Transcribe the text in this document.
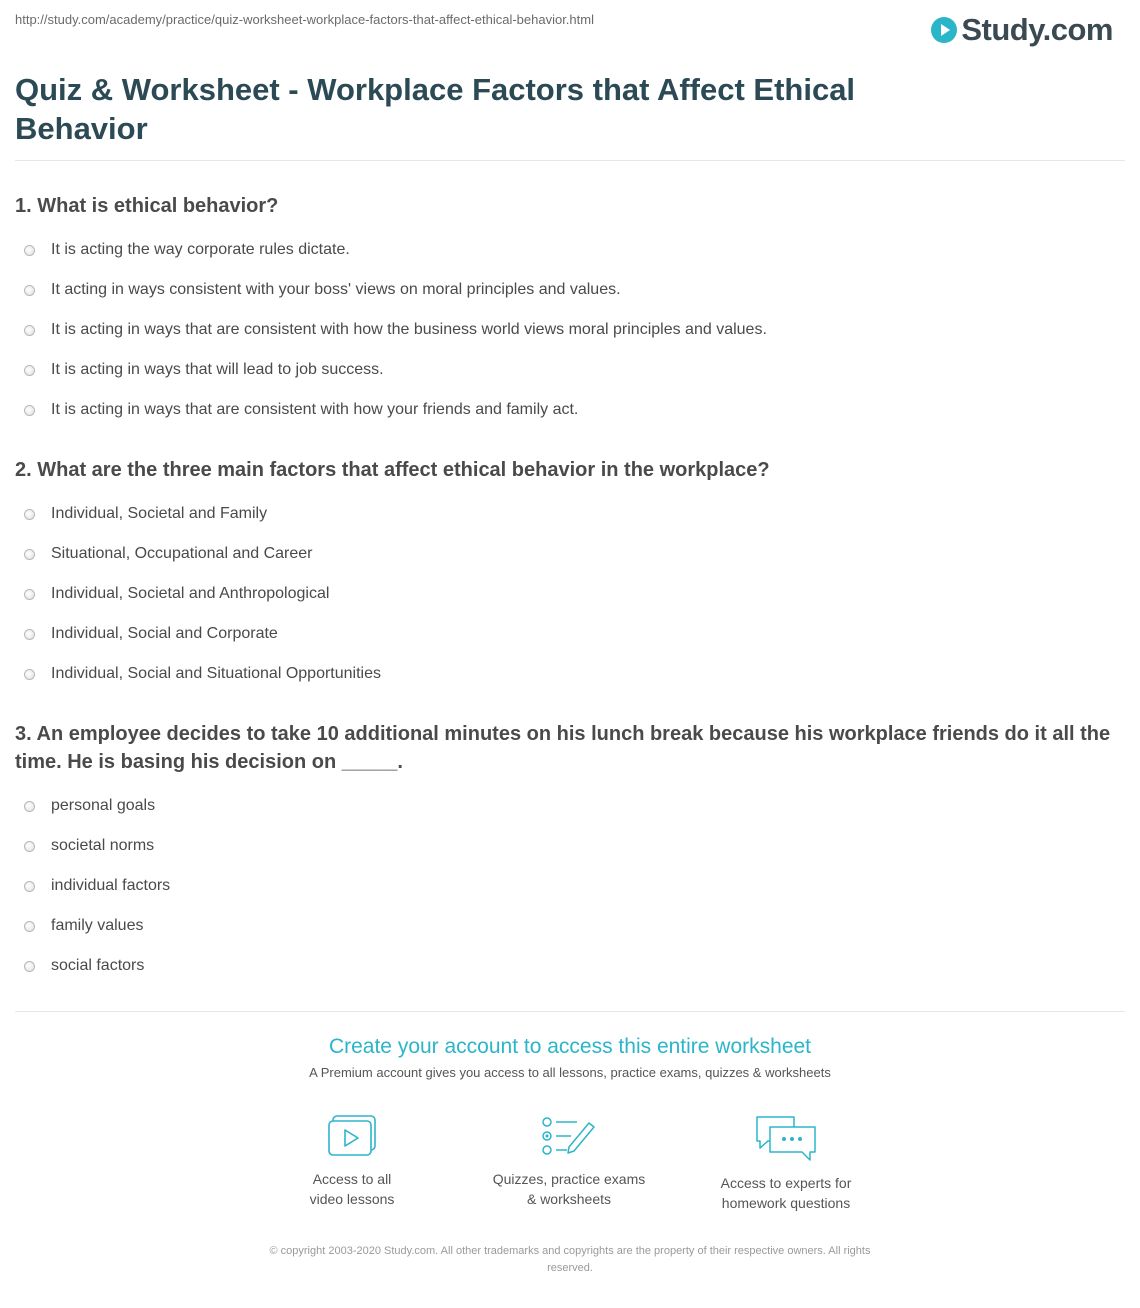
http://study.com/academy/practice/quiz-worksheet-workplace-factors-that-affect-ethical-behavior.html	Study.com
Quiz & Worksheet - Workplace Factors that Affect Ethical Behavior
1. What is ethical behavior?
It is acting the way corporate rules dictate.
It acting in ways consistent with your boss' views on moral principles and values.
It is acting in ways that are consistent with how the business world views moral principles and values.
It is acting in ways that will lead to job success.
It is acting in ways that are consistent with how your friends and family act.
2. What are the three main factors that affect ethical behavior in the workplace?
Individual, Societal and Family
Situational, Occupational and Career
Individual, Societal and Anthropological
Individual, Social and Corporate
Individual, Social and Situational Opportunities
3. An employee decides to take 10 additional minutes on his lunch break because his workplace friends do it all the time. He is basing his decision on _____.
personal goals
societal norms
individual factors
family values
social factors
Create your account to access this entire worksheet
A Premium account gives you access to all lessons, practice exams, quizzes & worksheets
Access to all
video lessons
Quizzes, practice exams
& worksheets
Access to experts for
homework questions
© copyright 2003-2020 Study.com. All other trademarks and copyrights are the property of their respective owners. All rights
reserved.
